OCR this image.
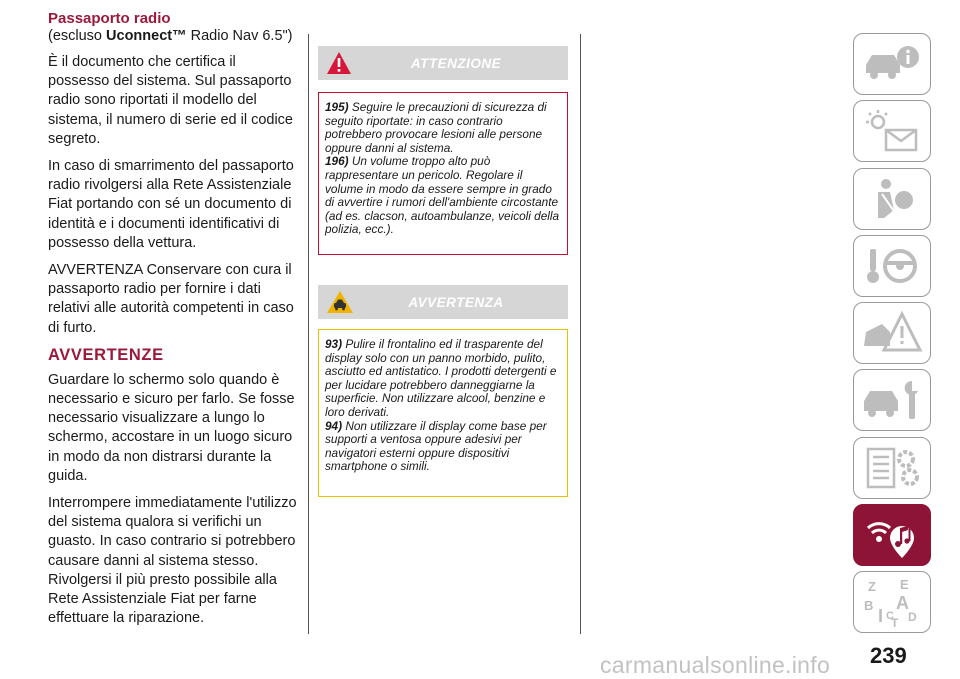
Passaporto radio

(escluso Uconnect™ Radio Nav 6.5")

È il documento che certifica il possesso del sistema. Sul passaporto radio sono riportati il modello del sistema, il numero di serie ed il codice segreto.

In caso di smarrimento del passaporto radio rivolgersi alla Rete Assistenziale Fiat portando con sé un documento di identità e i documenti identificativi di possesso della vettura.

AVVERTENZA Conservare con cura il passaporto radio per fornire i dati relativi alle autorità competenti in caso di furto.

AVVERTENZE

Guardare lo schermo solo quando è necessario e sicuro per farlo. Se fosse necessario visualizzare a lungo lo schermo, accostare in un luogo sicuro in modo da non distrarsi durante la guida.

Interrompere immediatamente l'utilizzo del sistema qualora si verifichi un guasto. In caso contrario si potrebbero causare danni al sistema stesso. Rivolgersi il più presto possibile alla Rete Assistenziale Fiat per farne effettuare la riparazione.

ATTENZIONE

195) Seguire le precauzioni di sicurezza di seguito riportate: in caso contrario potrebbero provocare lesioni alle persone oppure danni al sistema.

196) Un volume troppo alto può rappresentare un pericolo. Regolare il volume in modo da essere sempre in grado di avvertire i rumori dell'ambiente circostante (ad es. clacson, autoambulanze, veicoli della polizia, ecc.).

AVVERTENZA

93) Pulire il frontalino ed il trasparente del display solo con un panno morbido, pulito, asciutto ed antistatico. I prodotti detergenti e per lucidare potrebbero danneggiarne la superficie. Non utilizzare alcool, benzine e loro derivati.

94) Non utilizzare il display come base per supporti a ventosa oppure adesivi per navigatori esterni oppure dispositivi smartphone o simili.

Z E
B A
I C D
T
carmanualsonline.info 239
